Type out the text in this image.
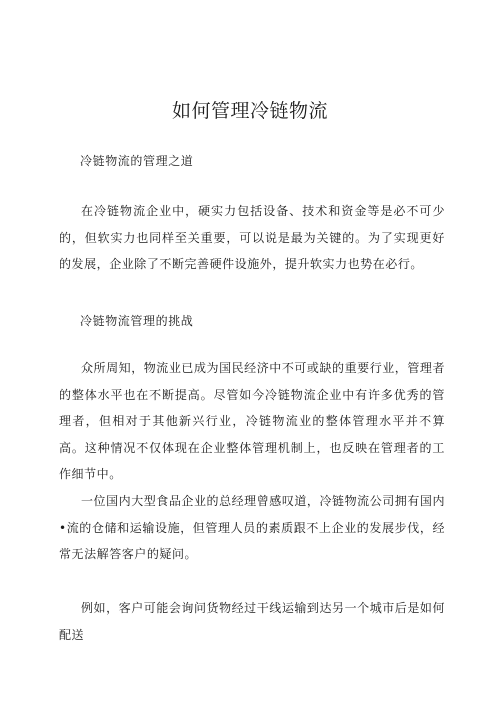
如何管理冷链物流
冷链物流的管理之道
在冷链物流企业中，硬实力包括设备、技术和资金等是必不可少的，但软实力也同样至关重要，可以说是最为关键的。为了实现更好的发展，企业除了不断完善硬件设施外，提升软实力也势在必行。
冷链物流管理的挑战
众所周知，物流业已成为国民经济中不可或缺的重要行业，管理者的整体水平也在不断提高。尽管如今冷链物流企业中有许多优秀的管理者，但相对于其他新兴行业，冷链物流业的整体管理水平并不算高。这种情况不仅体现在企业整体管理机制上，也反映在管理者的工作细节中。
一位国内大型食品企业的总经理曾感叹道，冷链物流公司拥有国内•流的仓储和运输设施，但管理人员的素质跟不上企业的发展步伐，经常无法解答客户的疑问。
例如，客户可能会询问货物经过干线运输到达另一个城市后是如何配送
